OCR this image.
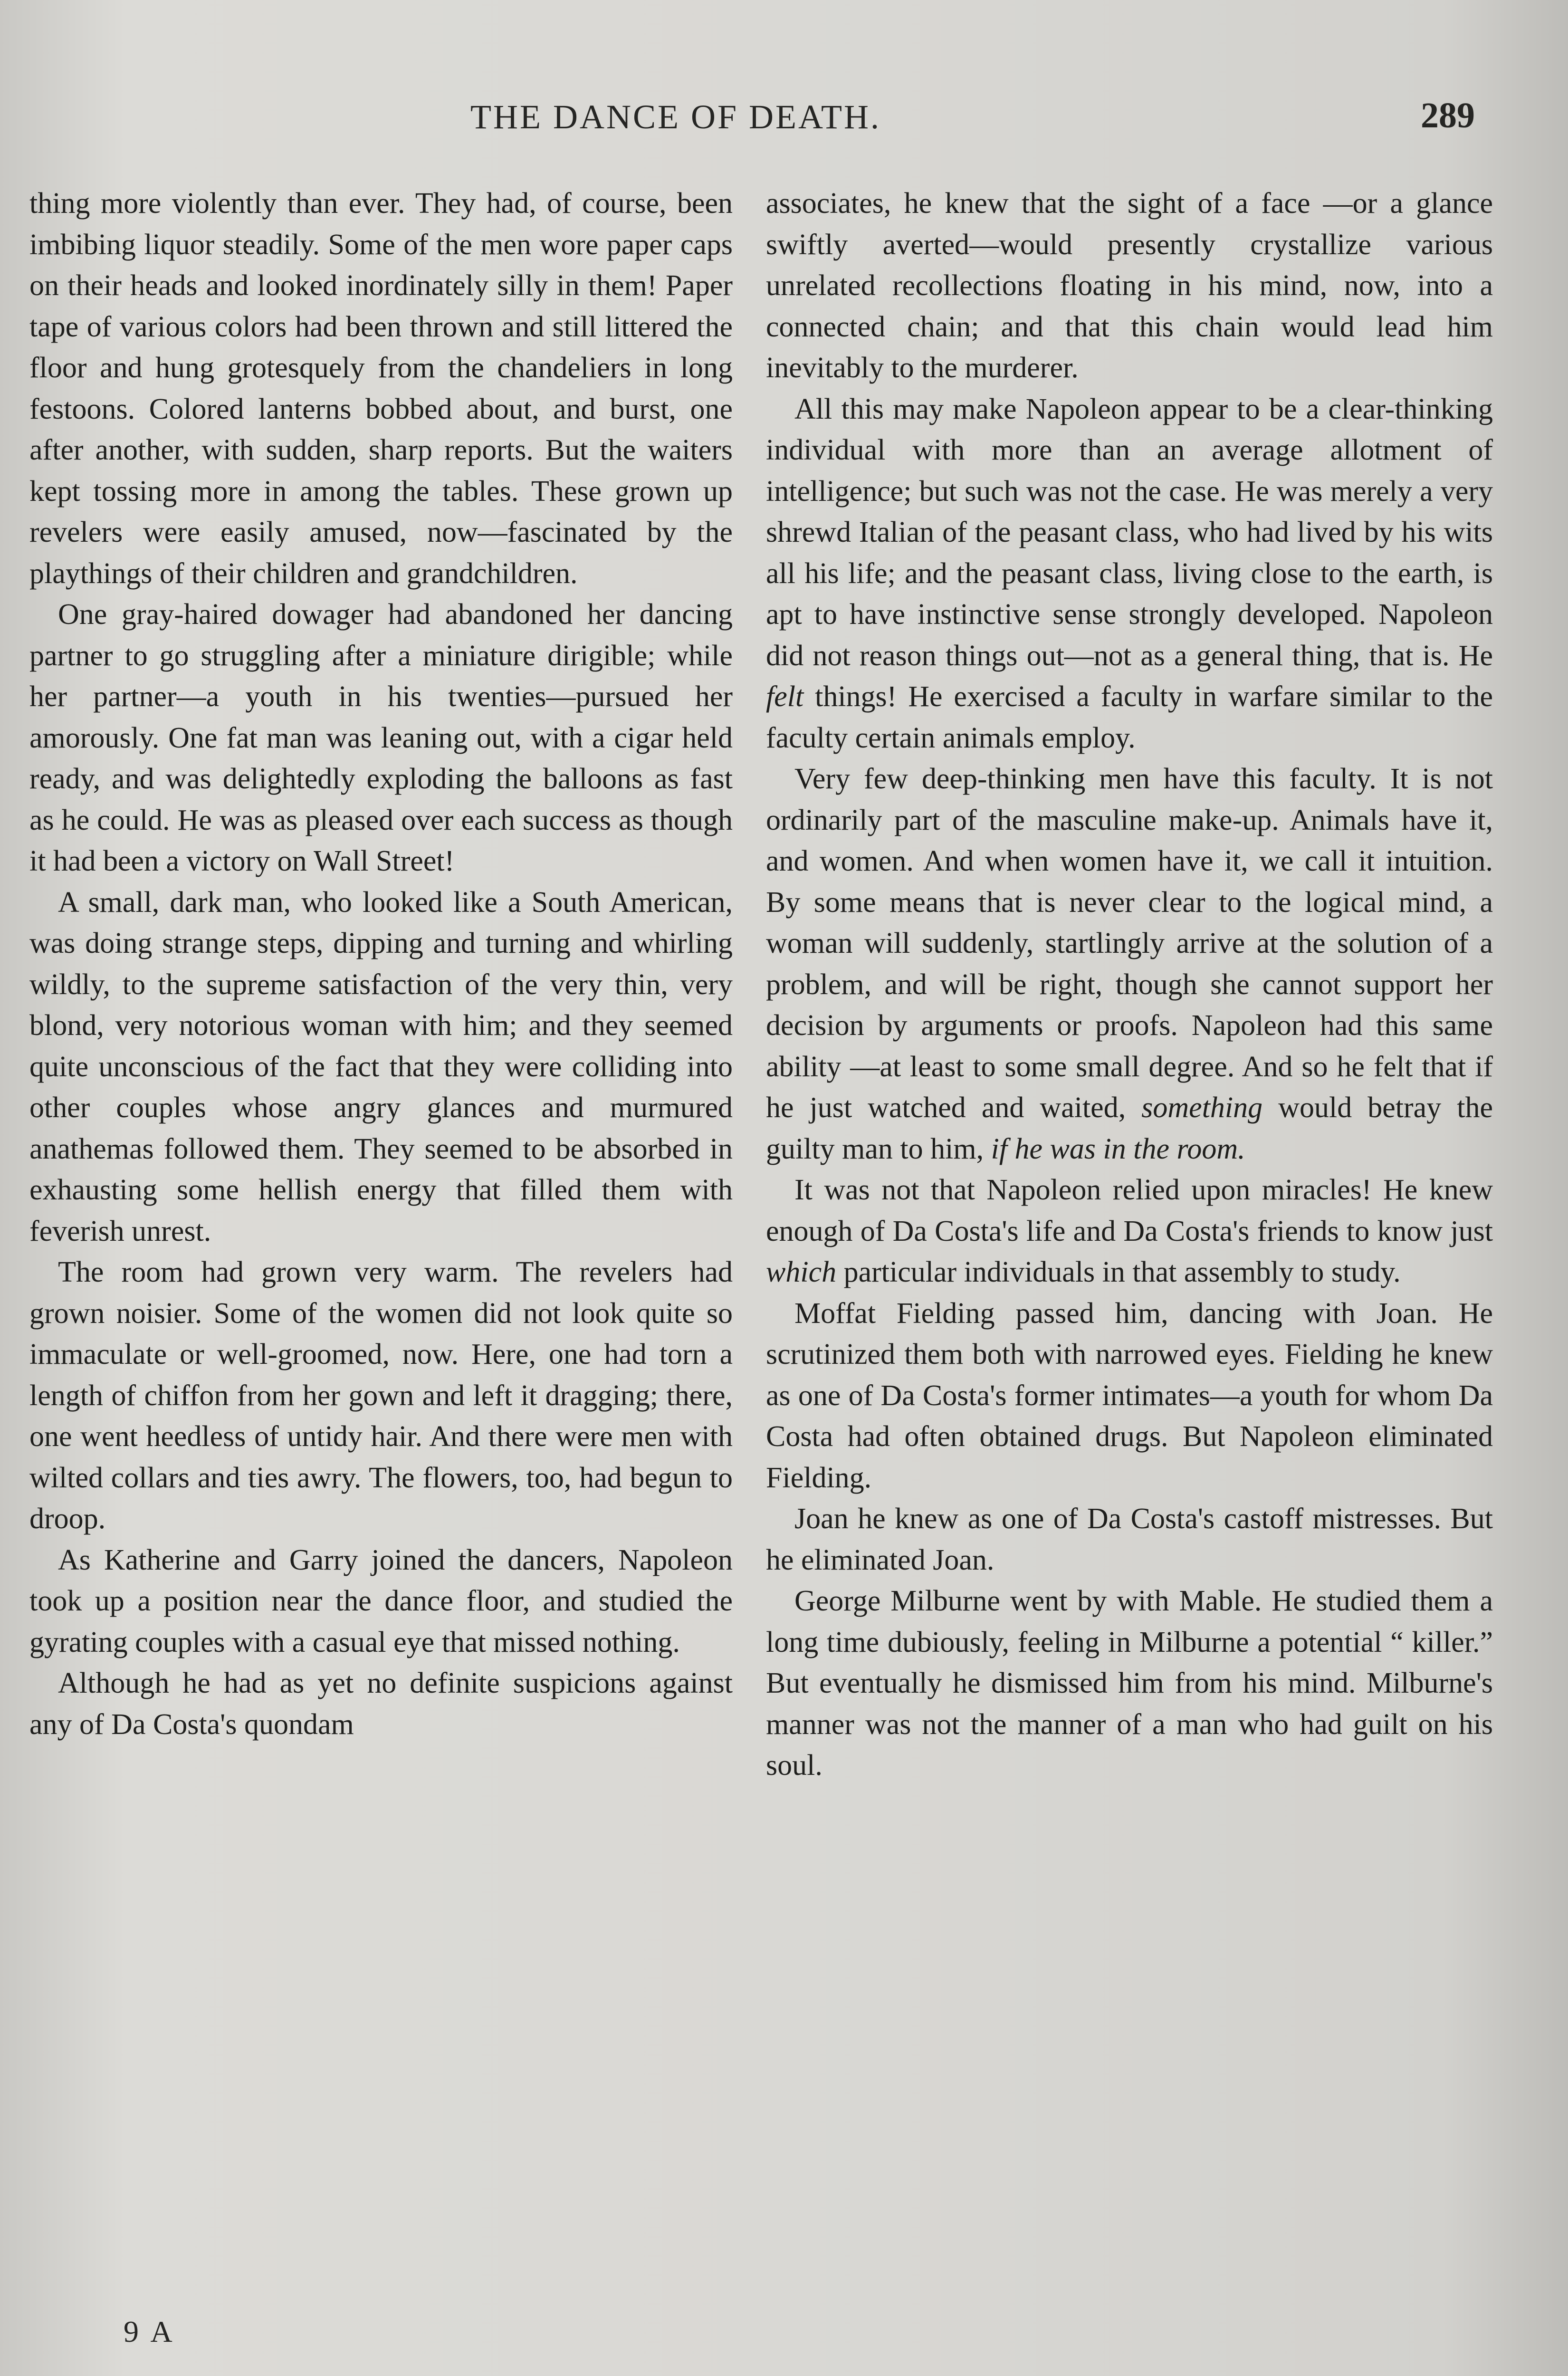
THE DANCE OF DEATH.	289

thing more violently than ever. They had, of course, been imbibing liquor steadily. Some of the men wore paper caps on their heads and looked inordinately silly in them! Paper tape of various colors had been thrown and still littered the floor and hung grotesquely from the chandeliers in long festoons. Colored lanterns bobbed about, and burst, one after another, with sudden, sharp reports. But the waiters kept tossing more in among the tables. These grown up revelers were easily amused, now—fascinated by the playthings of their children and grandchildren.

One gray-haired dowager had abandoned her dancing partner to go struggling after a miniature dirigible; while her partner—a youth in his twenties—pursued her amorously. One fat man was leaning out, with a cigar held ready, and was delightedly exploding the balloons as fast as he could. He was as pleased over each success as though it had been a victory on Wall Street!

A small, dark man, who looked like a South American, was doing strange steps, dipping and turning and whirling wildly, to the supreme satisfaction of the very thin, very blond, very notorious woman with him; and they seemed quite unconscious of the fact that they were colliding into other couples whose angry glances and murmured anathemas followed them. They seemed to be absorbed in exhausting some hellish energy that filled them with feverish unrest.

The room had grown very warm. The revelers had grown noisier. Some of the women did not look quite so immaculate or well-groomed, now. Here, one had torn a length of chiffon from her gown and left it dragging; there, one went heedless of untidy hair. And there were men with wilted collars and ties awry. The flowers, too, had begun to droop.

As Katherine and Garry joined the dancers, Napoleon took up a position near the dance floor, and studied the gyrating couples with a casual eye that missed nothing.

Although he had as yet no definite suspicions against any of Da Costa's quondam

associates, he knew that the sight of a face —or a glance swiftly averted—would presently crystallize various unrelated recollections floating in his mind, now, into a connected chain; and that this chain would lead him inevitably to the murderer.

All this may make Napoleon appear to be a clear-thinking individual with more than an average allotment of intelligence; but such was not the case. He was merely a very shrewd Italian of the peasant class, who had lived by his wits all his life; and the peasant class, living close to the earth, is apt to have instinctive sense strongly developed. Napoleon did not reason things out—not as a general thing, that is. He felt things! He exercised a faculty in warfare similar to the faculty certain animals employ.

Very few deep-thinking men have this faculty. It is not ordinarily part of the masculine make-up. Animals have it, and women. And when women have it, we call it intuition. By some means that is never clear to the logical mind, a woman will suddenly, startlingly arrive at the solution of a problem, and will be right, though she cannot support her decision by arguments or proofs. Napoleon had this same ability —at least to some small degree. And so he felt that if he just watched and waited, something would betray the guilty man to him, if he was in the room.

It was not that Napoleon relied upon miracles! He knew enough of Da Costa's life and Da Costa's friends to know just which particular individuals in that assembly to study.

Moffat Fielding passed him, dancing with Joan. He scrutinized them both with narrowed eyes. Fielding he knew as one of Da Costa's former intimates—a youth for whom Da Costa had often obtained drugs. But Napoleon eliminated Fielding.

Joan he knew as one of Da Costa's castoff mistresses. But he eliminated Joan.

George Milburne went by with Mable. He studied them a long time dubiously, feeling in Milburne a potential “ killer.” But eventually he dismissed him from his mind. Milburne's manner was not the manner of a man who had guilt on his soul.

9 A
